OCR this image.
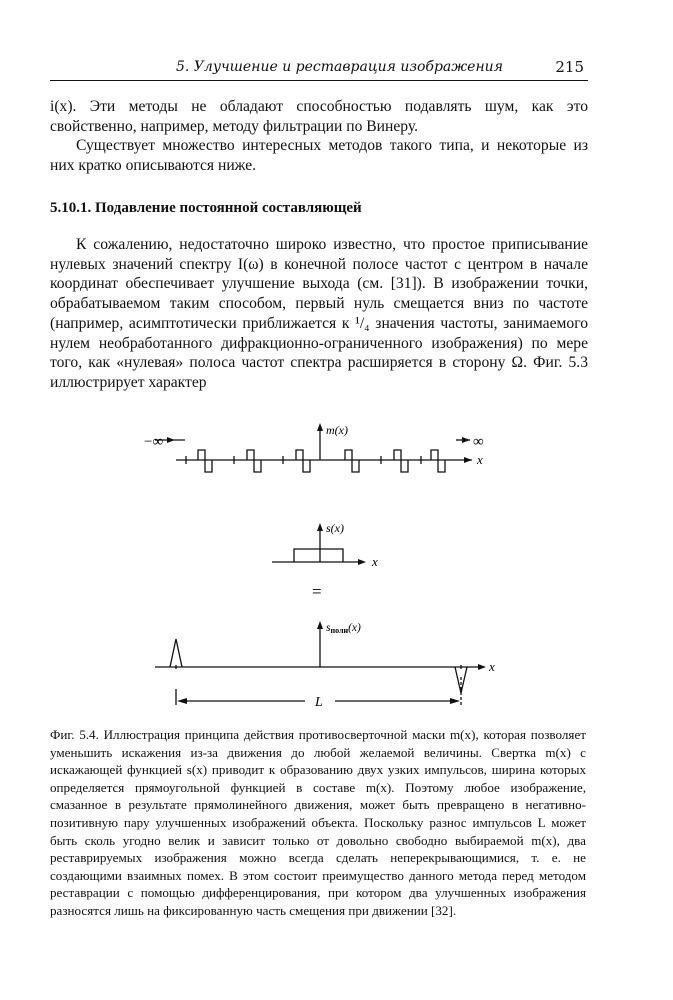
5. Улучшение и реставрация изображения	215

i(x). Эти методы не обладают способностью подавлять шум, как это свойственно, например, методу фильтрации по Винеру.

Существует множество интересных методов такого типа, и некоторые из них кратко описываются ниже.

5.10.1. Подавление постоянной составляющей

К сожалению, недостаточно широко известно, что простое приписывание нулевых значений спектру I(ω) в конечной полосе частот с центром в начале координат обеспечивает улучшение выхода (см. [31]). В изображении точки, обрабатываемом таким способом, первый нуль смещается вниз по частоте (например, асимптотически приближается к ¹/₄ значения частоты, занимаемого нулем необработанного дифракционно-ограниченного изображения) по мере того, как «нулевая» полоса частот спектра расширяется в сторону Ω. Фиг. 5.3 иллюстрирует характер

m(x)
−∞	∞
x
s(x)
x
=
sполн(x)
x
L

Фиг. 5.4. Иллюстрация принципа действия противосверточной маски m(x), которая позволяет уменьшить искажения из-за движения до любой желаемой величины. Свертка m(x) с искажающей функцией s(x) приводит к образованию двух узких импульсов, ширина которых определяется прямоугольной функцией в составе m(x). Поэтому любое изображение, смазанное в результате прямолинейного движения, может быть превращено в негативно-позитивную пару улучшенных изображений объекта. Поскольку разнос импульсов L может быть сколь угодно велик и зависит только от довольно свободно выбираемой m(x), два реставрируемых изображения можно всегда сделать неперекрывающимися, т. е. не создающими взаимных помех. В этом состоит преимущество данного метода перед методом реставрации с помощью дифференцирования, при котором два улучшенных изображения разносятся лишь на фиксированную часть смещения при движении [32].
